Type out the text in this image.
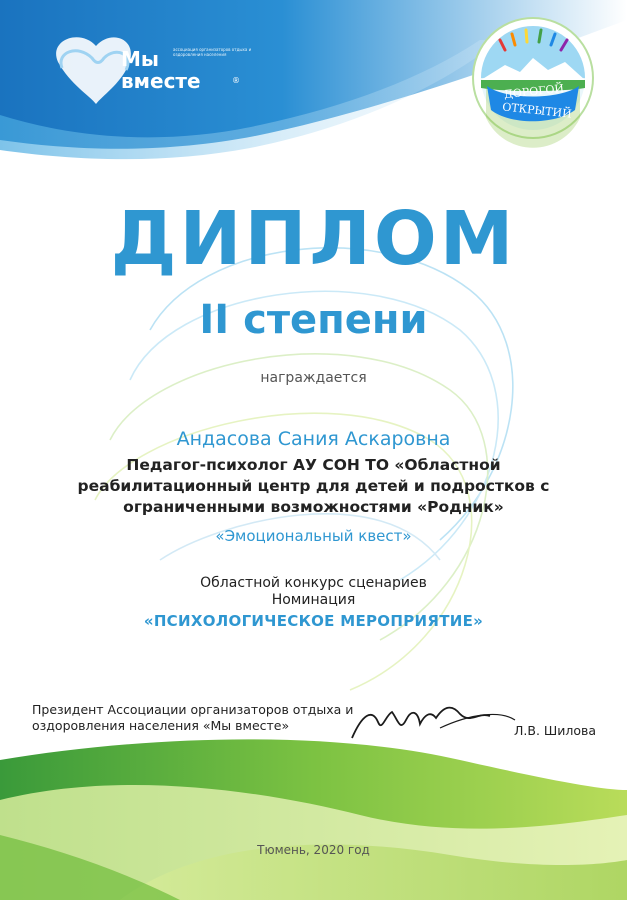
Мы
вместе
ассоциация организаторов отдыха и оздоровления населения
®
ДОРОГОЙ
ОТКРЫТИЙ
ДИПЛОМ
II степени
награждается
Андасова Сания Аскаровна
Педагог-психолог АУ СОН ТО «Областной реабилитационный центр для детей и подростков с ограниченными возможностями «Родник»
«Эмоциональный квест»
Областной конкурс сценариев
Номинация
«ПСИХОЛОГИЧЕСКОЕ МЕРОПРИЯТИЕ»
Президент Ассоциации организаторов отдыха и оздоровления населения «Мы вместе»	Л.В. Шилова
Тюмень, 2020 год
